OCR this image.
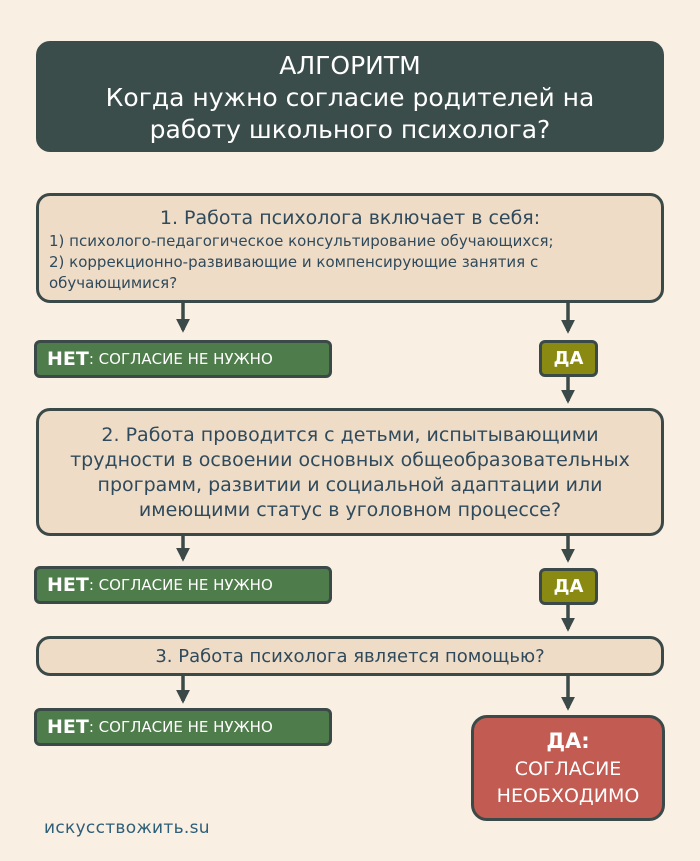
АЛГОРИТМ
Когда нужно согласие родителей на
работу школьного психолога?
1. Работа психолога включает в себя:
1) психолого-педагогическое консультирование обучающихся;
2) коррекционно-развивающие и компенсирующие занятия с обучающимися?
НЕТ : СОГЛАСИЕ НЕ НУЖНО	ДА
2. Работа проводится с детьми, испытывающими
трудности в освоении основных общеобразовательных
программ, развитии и социальной адаптации или
имеющими статус в уголовном процессе?
НЕТ : СОГЛАСИЕ НЕ НУЖНО	ДА
3. Работа психолога является помощью?
НЕТ : СОГЛАСИЕ НЕ НУЖНО
ДА:
СОГЛАСИЕ
НЕОБХОДИМО
искусствожить.su
